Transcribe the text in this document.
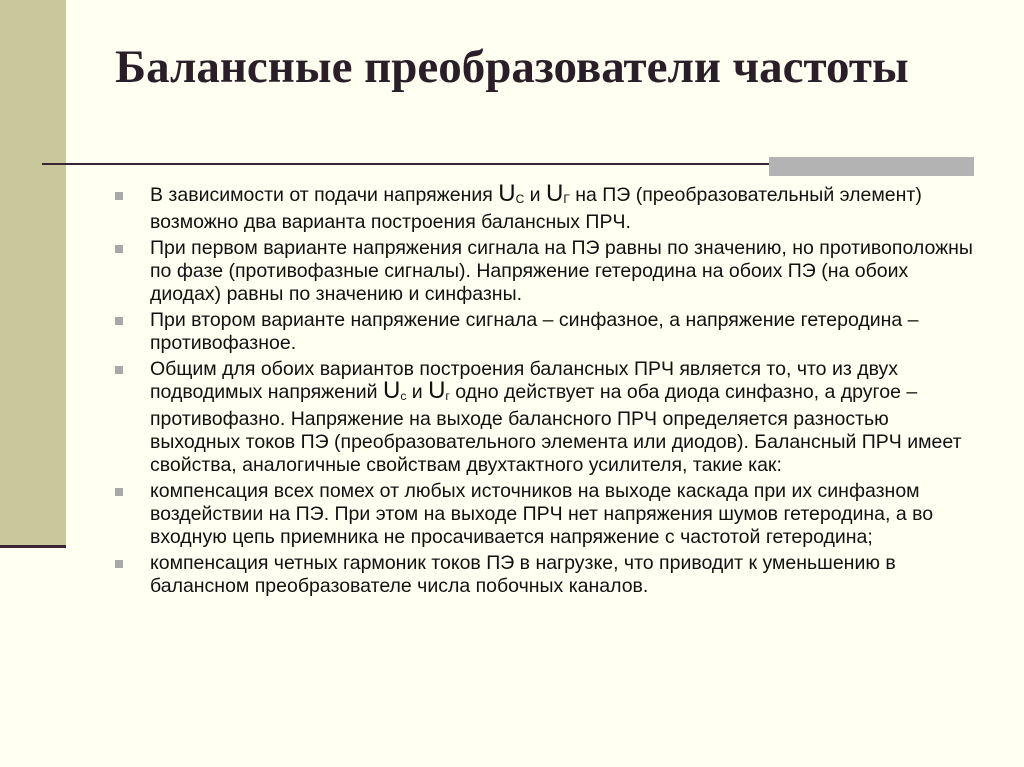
Балансные преобразователи частоты
В зависимости от подачи напряжения UC и UГ на ПЭ (преобразовательный элемент) возможно два варианта построения балансных ПРЧ.
При первом варианте напряжения сигнала на ПЭ равны по значению, но противоположны по фазе (противофазные сигналы). Напряжение гетеродина на обоих ПЭ (на обоих диодах) равны по значению и синфазны.
При втором варианте напряжение сигнала – синфазное, а напряжение гетеродина – противофазное.
Общим для обоих вариантов построения балансных ПРЧ является то, что из двух подводимых напряжений Uс и Uг одно действует на оба диода синфазно, а другое – противофазно. Напряжение на выходе балансного ПРЧ определяется разностью выходных токов ПЭ (преобразовательного элемента или диодов). Балансный ПРЧ имеет свойства, аналогичные свойствам двухтактного усилителя, такие как:
компенсация всех помех от любых источников на выходе каскада при их синфазном воздействии на ПЭ. При этом на выходе ПРЧ нет напряжения шумов гетеродина, а во входную цепь приемника не просачивается напряжение с частотой гетеродина;
компенсация четных гармоник токов ПЭ в нагрузке, что приводит к уменьшению в балансном преобразователе числа побочных каналов.
